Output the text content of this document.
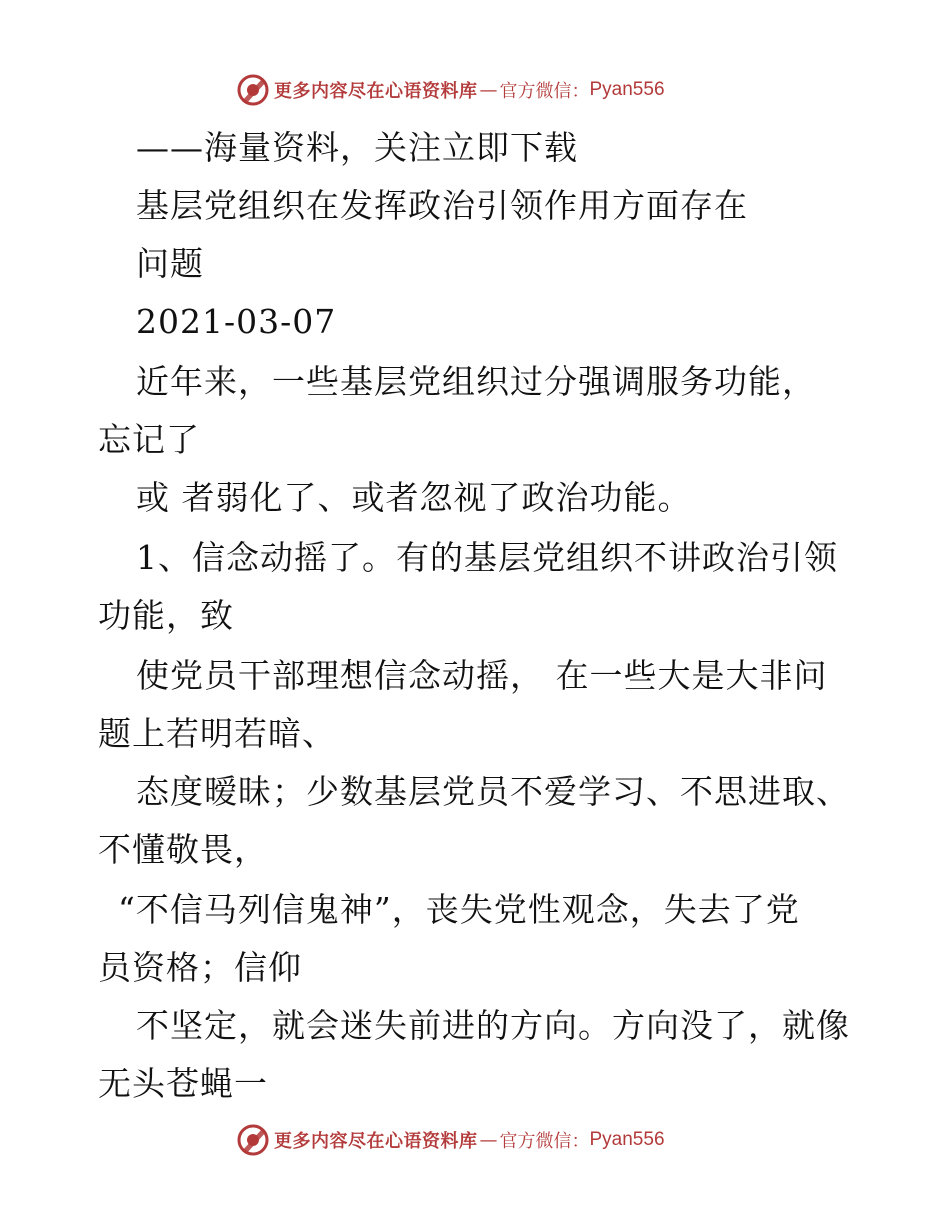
更多内容尽在心语资料库 — 官方微信： Pyan556
——海量资料，关注立即下载
基层党组织在发挥政治引领作用方面存在
问题
2021-03-07
近年来，一些基层党组织过分强调服务功能，
忘记了
或 者弱化了、或者忽视了政治功能。
1、信念动摇了。有的基层党组织不讲政治引领
功能，致
使党员干部理想信念动摇， 在一些大是大非问
题上若明若暗、
态度暧昧；少数基层党员不爱学习、不思进取、
不懂敬畏，
“不信马列信鬼神”，丧失党性观念，失去了党
员资格；信仰
不坚定，就会迷失前进的方向。方向没了，就像
无头苍蝇一
更多内容尽在心语资料库 — 官方微信： Pyan556
